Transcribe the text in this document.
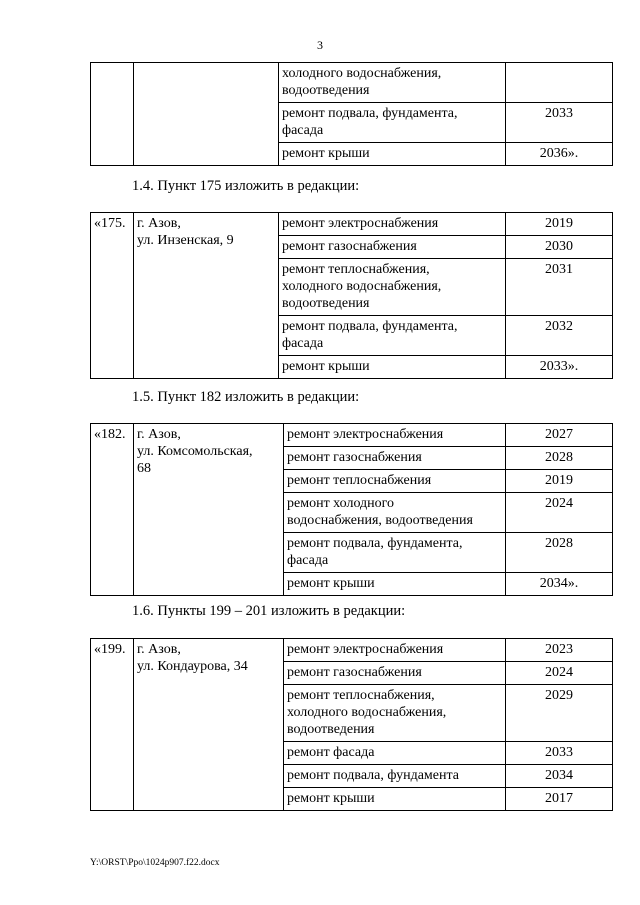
3
		холодного водоснабжения,
водоотведения	
		ремонт подвала, фундамента,
фасада	2033
		ремонт крыши	2036».
1.4. Пункт 175 изложить в редакции:
«175.	г. Азов,
ул. Инзенская, 9	ремонт электроснабжения	2019
		ремонт газоснабжения	2030
		ремонт теплоснабжения,
холодного водоснабжения,
водоотведения	2031
		ремонт подвала, фундамента,
фасада	2032
		ремонт крыши	2033».
1.5. Пункт 182 изложить в редакции:
«182.	г. Азов,
ул. Комсомольская,
68	ремонт электроснабжения	2027
		ремонт газоснабжения	2028
		ремонт теплоснабжения	2019
		ремонт холодного
водоснабжения, водоотведения	2024
		ремонт подвала, фундамента,
фасада	2028
		ремонт крыши	2034».
1.6. Пункты 199 – 201 изложить в редакции:
«199.	г. Азов,
ул. Кондаурова, 34	ремонт электроснабжения	2023
		ремонт газоснабжения	2024
		ремонт теплоснабжения,
холодного водоснабжения,
водоотведения	2029
		ремонт фасада	2033
		ремонт подвала, фундамента	2034
		ремонт крыши	2017
Y:\ORST\Ppo\1024p907.f22.docx
